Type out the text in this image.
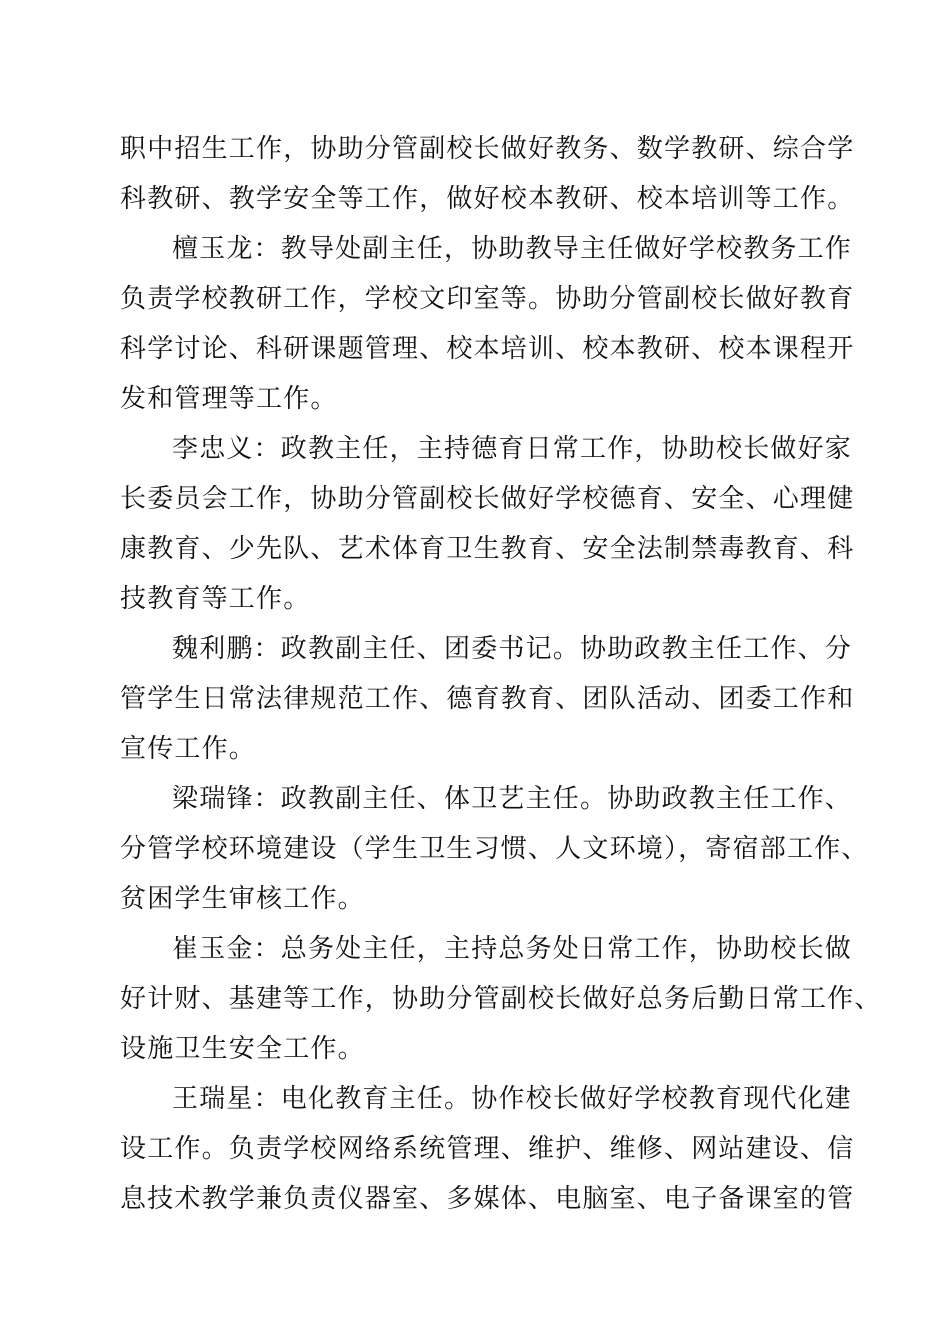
职中招生工作，协助分管副校长做好教务、数学教研、综合学
科教研、教学安全等工作，做好校本教研、校本培训等工作。
檀玉龙：教导处副主任，协助教导主任做好学校教务工作
负责学校教研工作，学校文印室等。协助分管副校长做好教育
科学讨论、科研课题管理、校本培训、校本教研、校本课程开
发和管理等工作。
李忠义：政教主任，主持德育日常工作，协助校长做好家
长委员会工作，协助分管副校长做好学校德育、安全、心理健
康教育、少先队、艺术体育卫生教育、安全法制禁毒教育、科
技教育等工作。
魏利鹏：政教副主任、团委书记。协助政教主任工作、分
管学生日常法律规范工作、德育教育、团队活动、团委工作和
宣传工作。
梁瑞锋：政教副主任、体卫艺主任。协助政教主任工作、
分管学校环境建设（学生卫生习惯、人文环境），寄宿部工作、
贫困学生审核工作。
崔玉金：总务处主任，主持总务处日常工作，协助校长做
好计财、基建等工作，协助分管副校长做好总务后勤日常工作、
设施卫生安全工作。
王瑞星：电化教育主任。协作校长做好学校教育现代化建
设工作。负责学校网络系统管理、维护、维修、网站建设、信
息技术教学兼负责仪器室、多媒体、电脑室、电子备课室的管
